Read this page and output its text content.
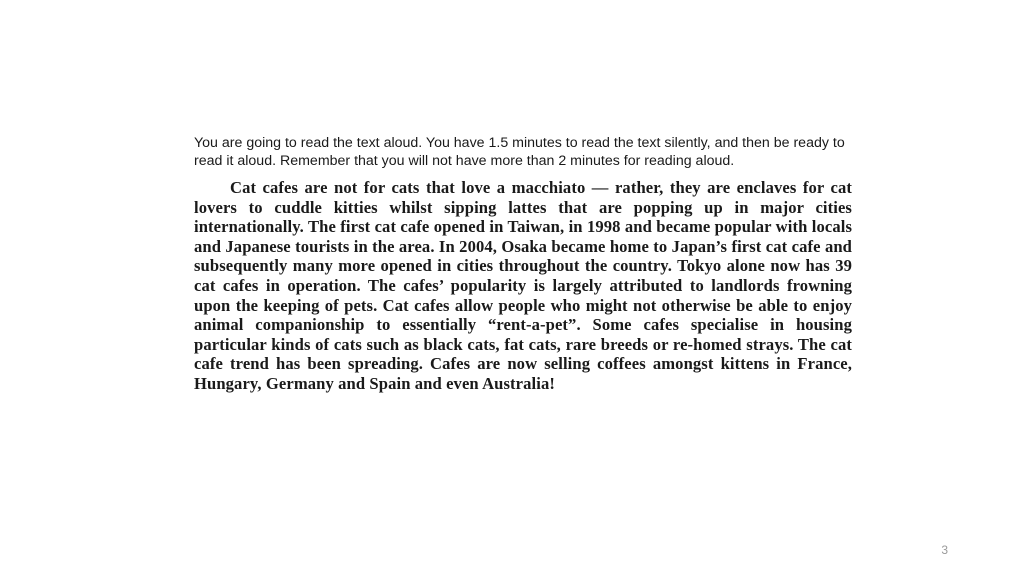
You are going to read the text aloud. You have 1.5 minutes to read the text silently, and then be ready to read it aloud. Remember that you will not have more than 2 minutes for reading aloud.

Cat cafes are not for cats that love a macchiato — rather, they are enclaves for cat lovers to cuddle kitties whilst sipping lattes that are popping up in major cities internationally. The first cat cafe opened in Taiwan, in 1998 and became popular with locals and Japanese tourists in the area. In 2004, Osaka became home to Japan’s first cat cafe and subsequently many more opened in cities throughout the country. Tokyo alone now has 39 cat cafes in operation. The cafes’ popularity is largely attributed to landlords frowning upon the keeping of pets. Cat cafes allow people who might not otherwise be able to enjoy animal companionship to essentially “rent-a-pet”. Some cafes specialise in housing particular kinds of cats such as black cats, fat cats, rare breeds or re-homed strays. The cat cafe trend has been spreading. Cafes are now selling coffees amongst kittens in France, Hungary, Germany and Spain and even Australia!

3
